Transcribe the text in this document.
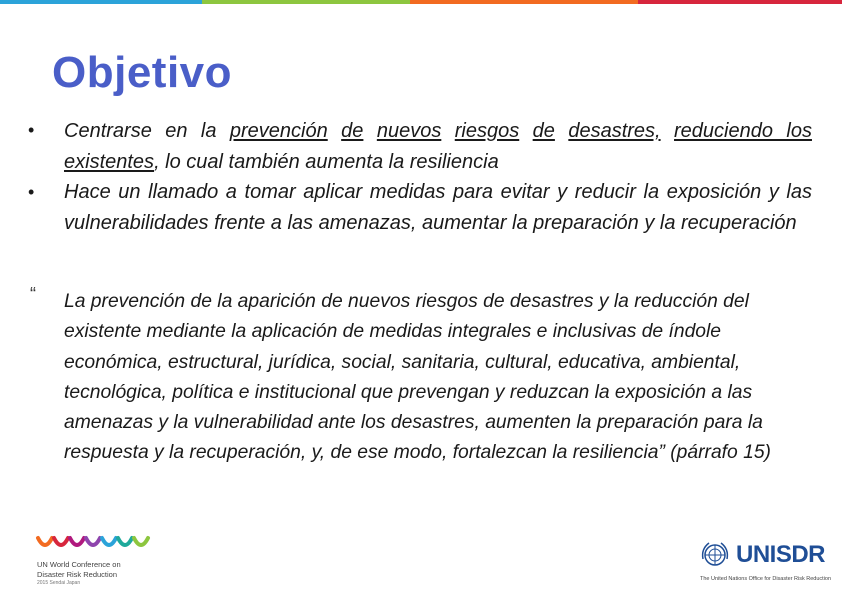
Objetivo
• Centrarse en la prevención de nuevos riesgos de desastres, reduciendo los existentes, lo cual también aumenta la resiliencia

• Hace un llamado a tomar aplicar medidas para evitar y reducir la exposición y las vulnerabilidades frente a las amenazas, aumentar la preparación y la recuperación

“ La prevención de la aparición de nuevos riesgos de desastres y la reducción del existente mediante la aplicación de medidas integrales e inclusivas de índole económica, estructural, jurídica, social, sanitaria, cultural, educativa, ambiental, tecnológica, política e institucional que prevengan y reduzcan la exposición a las amenazas y la vulnerabilidad ante los desastres, aumenten la preparación para la respuesta y la recuperación, y, de ese modo, fortalezcan la resiliencia” (párrafo 15)

UN World Conference on
Disaster Risk Reduction
2015 Sendai Japan
UNISDR
The United Nations Office for Disaster Risk Reduction
